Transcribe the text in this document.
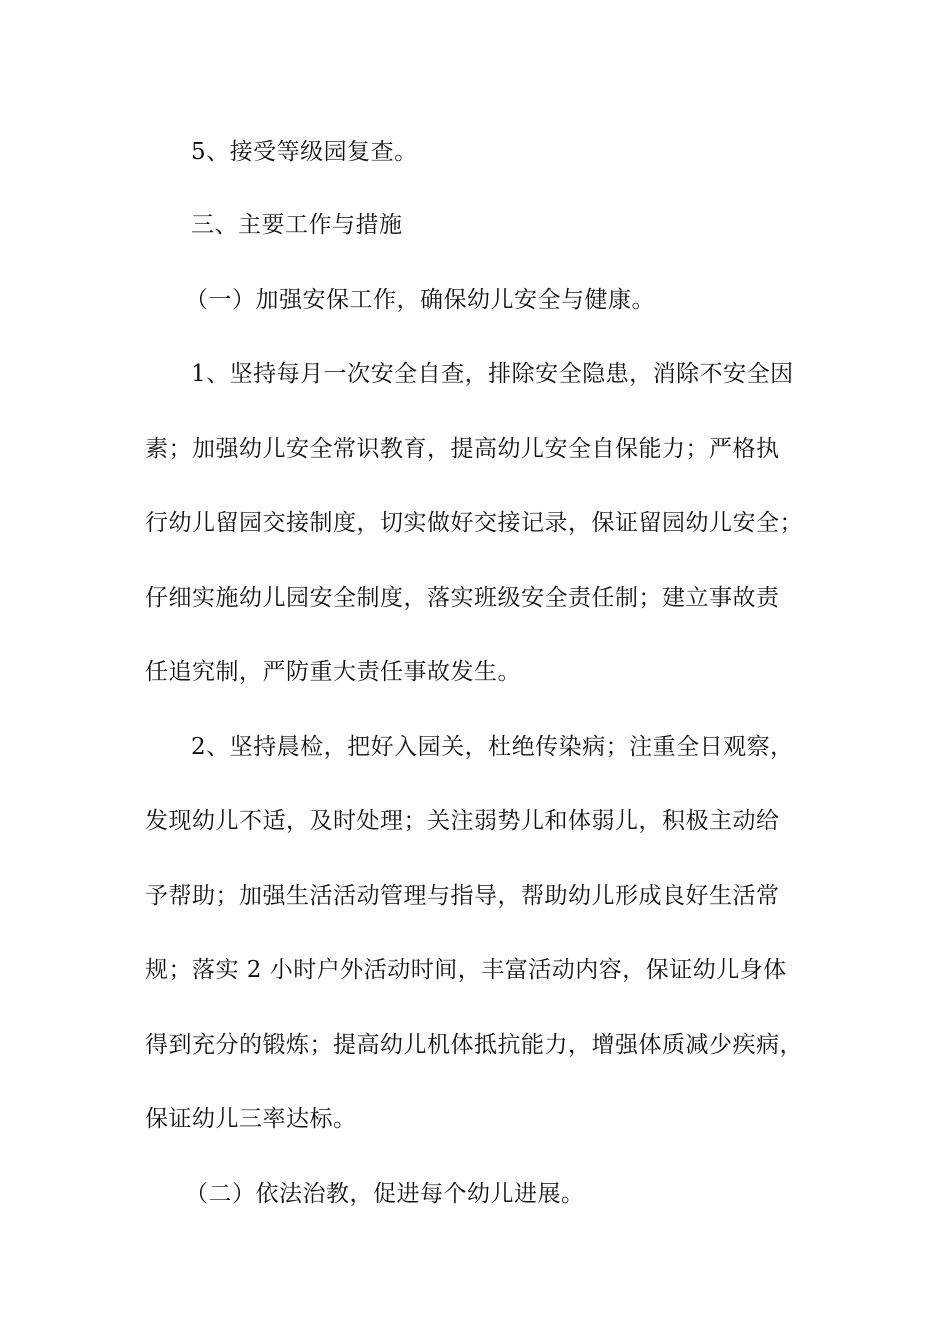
5、接受等级园复查。
三、主要工作与措施
（一）加强安保工作，确保幼儿安全与健康。
1、坚持每月一次安全自查，排除安全隐患，消除不安全因
素；加强幼儿安全常识教育，提高幼儿安全自保能力；严格执
行幼儿留园交接制度，切实做好交接记录，保证留园幼儿安全；
仔细实施幼儿园安全制度，落实班级安全责任制；建立事故责
任追究制，严防重大责任事故发生。
2、坚持晨检，把好入园关，杜绝传染病；注重全日观察，
发现幼儿不适，及时处理；关注弱势儿和体弱儿，积极主动给
予帮助；加强生活活动管理与指导，帮助幼儿形成良好生活常
规；落实 2 小时户外活动时间，丰富活动内容，保证幼儿身体
得到充分的锻炼；提高幼儿机体抵抗能力，增强体质减少疾病，
保证幼儿三率达标。
（二）依法治教，促进每个幼儿进展。
